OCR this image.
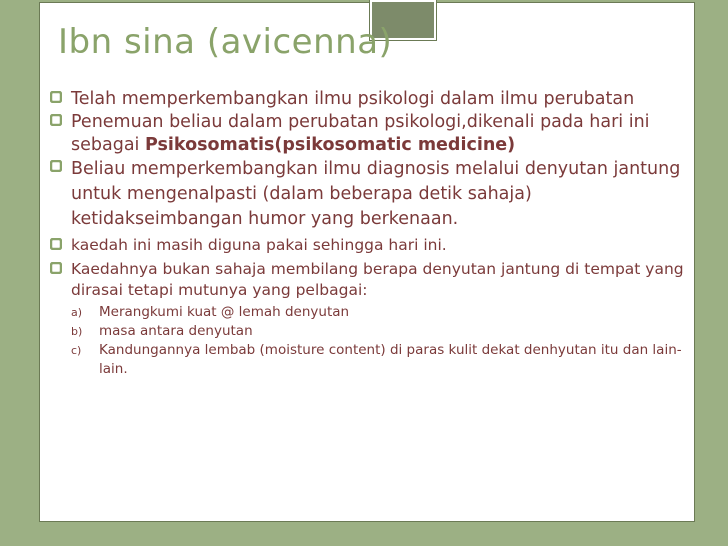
Ibn sina (avicenna)
Telah memperkembangkan ilmu psikologi dalam ilmu perubatan
Penemuan beliau dalam perubatan psikologi,dikenali pada hari ini sebagai Psikosomatis(psikosomatic medicine)
Beliau memperkembangkan ilmu diagnosis melalui denyutan jantung untuk mengenalpasti (dalam beberapa detik sahaja) ketidakseimbangan humor yang berkenaan.
kaedah ini masih diguna pakai sehingga hari ini.
Kaedahnya bukan sahaja membilang berapa denyutan jantung di tempat yang dirasai tetapi mutunya yang pelbagai:
a) Merangkumi kuat @ lemah denyutan
b) masa antara denyutan
c) Kandungannya lembab (moisture content) di paras kulit dekat denhyutan itu dan lain-lain.
